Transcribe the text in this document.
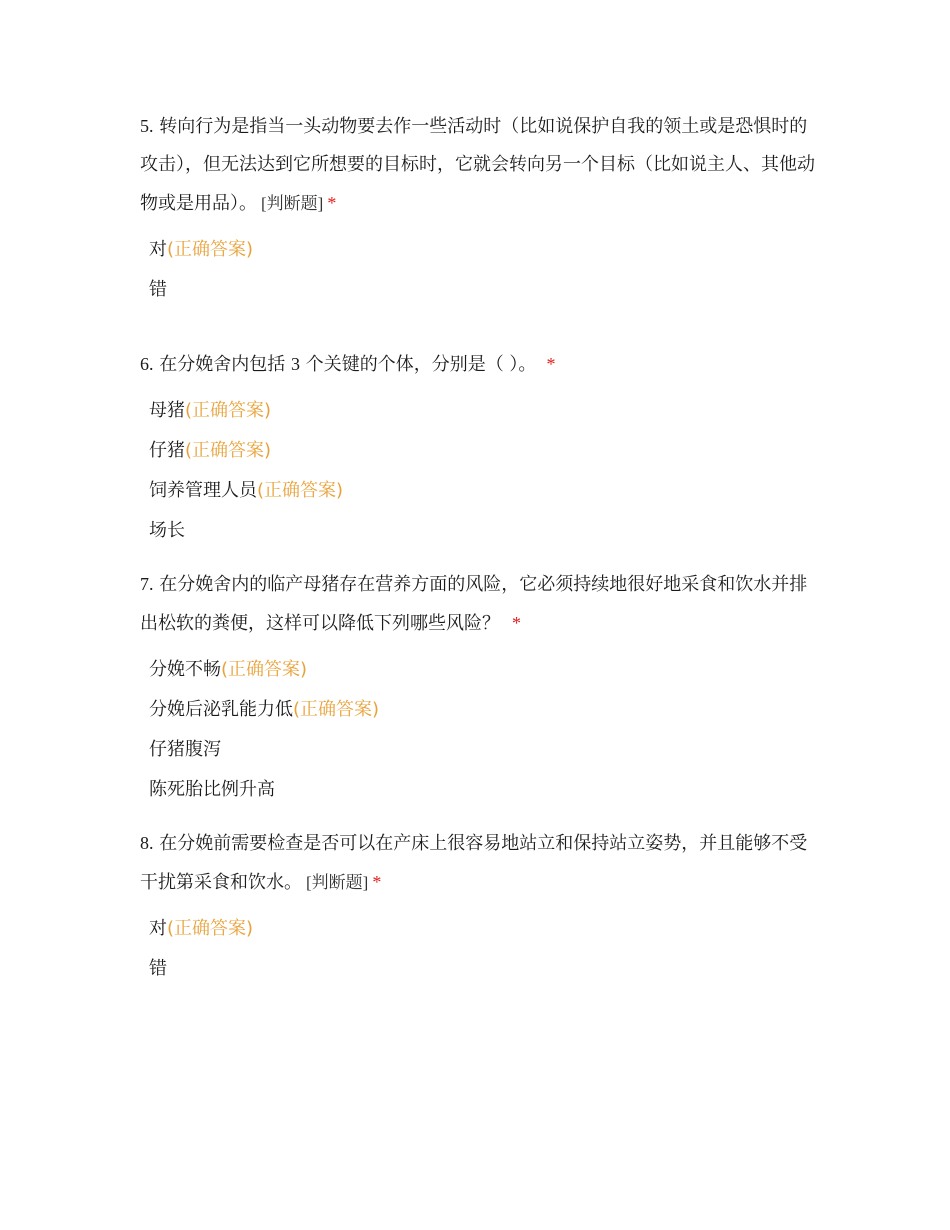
5. 转向行为是指当一头动物要去作一些活动时（比如说保护自我的领土或是恐惧时的攻击），但无法达到它所想要的目标时，它就会转向另一个目标（比如说主人、其他动物或是用品）。 [判断题] *

对(正确答案)
错

6. 在分娩舍内包括 3 个关键的个体，分别是（ ）。 *

母猪(正确答案)
仔猪(正确答案)
饲养管理人员(正确答案)
场长

7. 在分娩舍内的临产母猪存在营养方面的风险，它必须持续地很好地采食和饮水并排出松软的粪便，这样可以降低下列哪些风险？ *

分娩不畅(正确答案)
分娩后泌乳能力低(正确答案)
仔猪腹泻
陈死胎比例升高

8. 在分娩前需要检查是否可以在产床上很容易地站立和保持站立姿势，并且能够不受干扰第采食和饮水。 [判断题] *

对(正确答案)
错
